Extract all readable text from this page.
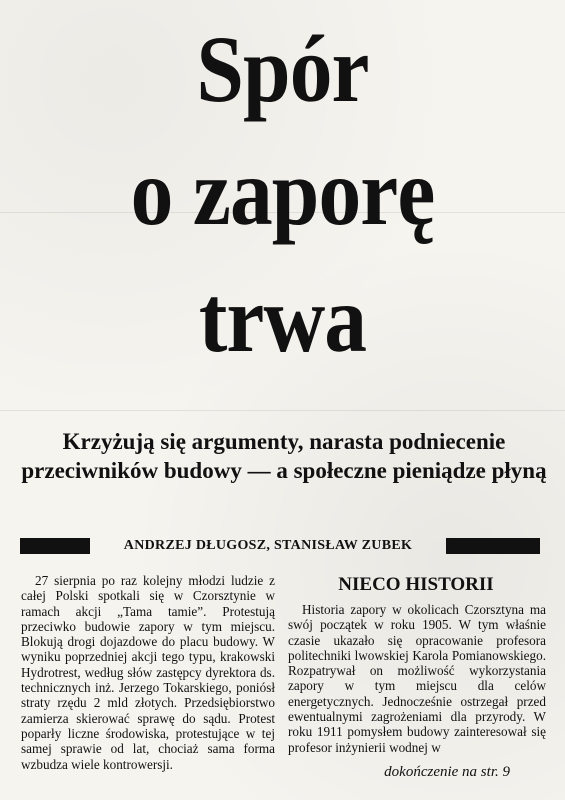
Spór
o zaporę
trwa

Krzyżują się argumenty, narasta podniecenie przeciwników budowy — a społeczne pieniądze płyną

ANDRZEJ DŁUGOSZ, STANISŁAW ZUBEK

27 sierpnia po raz kolejny młodzi ludzie z całej Polski spotkali się w Czorsztynie w ramach akcji „Tama tamie”. Protestują przeciwko budowie zapory w tym miejscu. Blokują drogi dojazdowe do placu budowy. W wyniku poprzedniej akcji tego typu, krakowski Hydrotrest, według słów zastępcy dyrektora ds. technicznych inż. Jerzego Tokarskiego, poniósł straty rzędu 2 mld złotych. Przedsiębiorstwo zamierza skierować sprawę do sądu. Protest poparły liczne środowiska, protestujące w tej samej sprawie od lat, chociaż sama forma wzbudza wiele kontrowersji.

NIECO HISTORII

Historia zapory w okolicach Czorsztyna ma swój początek w roku 1905. W tym właśnie czasie ukazało się opracowanie profesora politechniki lwowskiej Karola Pomianowskiego. Rozpatrywał on możliwość wykorzystania zapory w tym miejscu dla celów energetycznych. Jednocześnie ostrzegał przed ewentualnymi zagrożeniami dla przyrody. W roku 1911 pomysłem budowy zainteresował się profesor inżynierii wodnej w

dokończenie na str. 9
